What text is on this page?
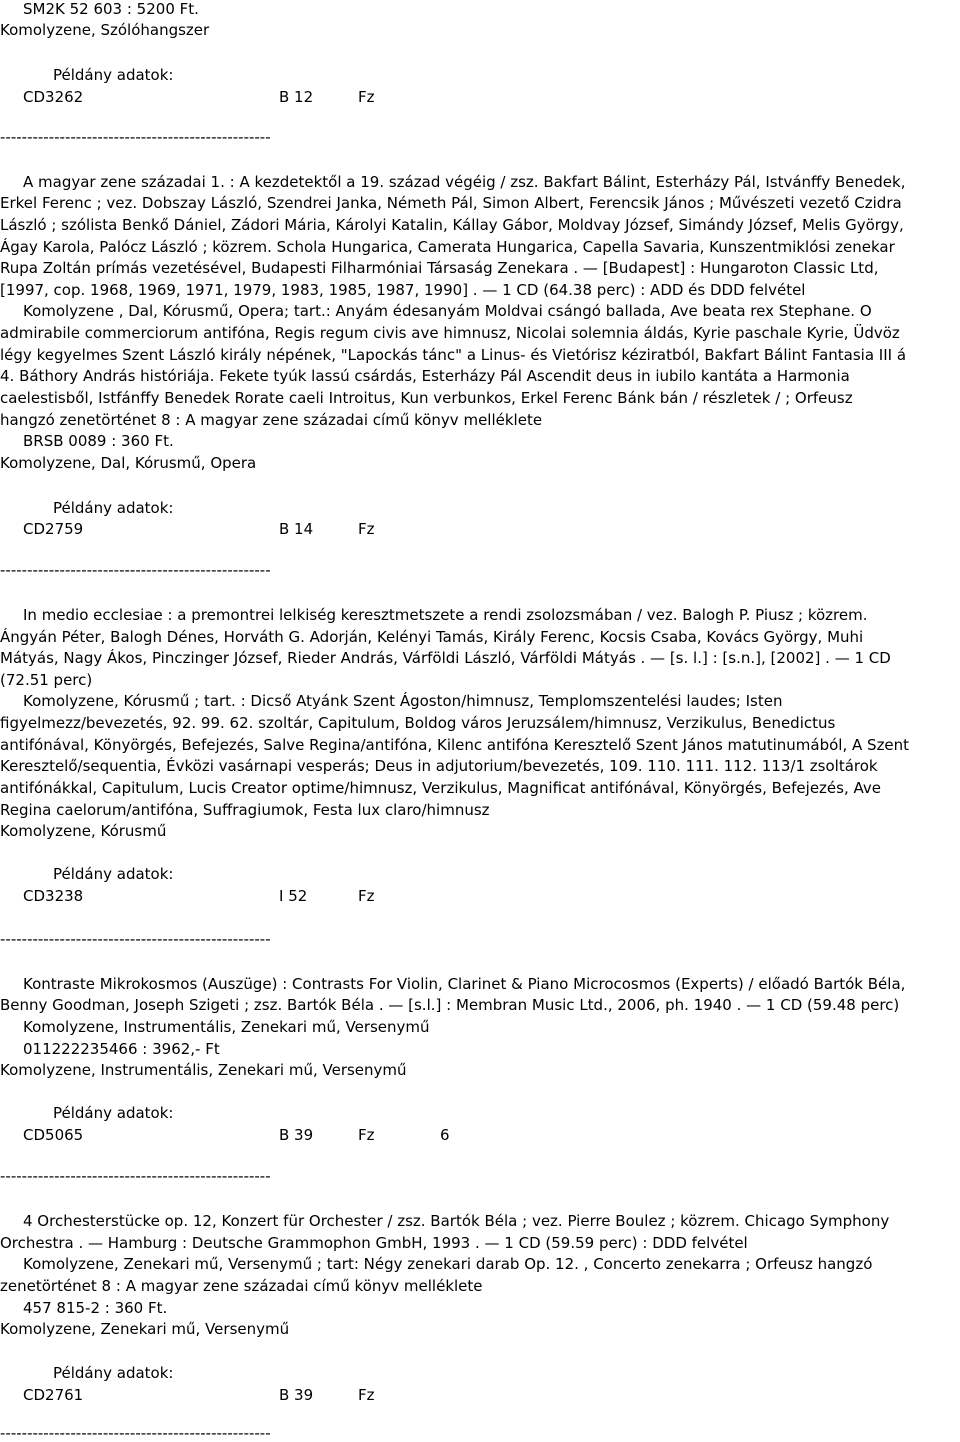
SM2K 52 603 : 5200 Ft.
Komolyzene, Szólóhangszer
Példány adatok:
CD3262	B 12	Fz
--------------------------------------------------
A magyar zene századai 1. : A kezdetektől a 19. század végéig / zsz. Bakfart Bálint, Esterházy Pál, Istvánffy Benedek,
Erkel Ferenc ; vez. Dobszay László, Szendrei Janka, Németh Pál, Simon Albert, Ferencsik János ; Művészeti vezető Czidra
László ; szólista Benkő Dániel, Zádori Mária, Károlyi Katalin, Kállay Gábor, Moldvay József, Simándy József, Melis György,
Ágay Karola, Palócz László ; közrem. Schola Hungarica, Camerata Hungarica, Capella Savaria, Kunszentmiklósi zenekar
Rupa Zoltán prímás vezetésével, Budapesti Filharmóniai Társaság Zenekara . — [Budapest] : Hungaroton Classic Ltd,
[1997, cop. 1968, 1969, 1971, 1979, 1983, 1985, 1987, 1990] . — 1 CD (64.38 perc) : ADD és DDD felvétel
Komolyzene , Dal, Kórusmű, Opera; tart.: Anyám édesanyám Moldvai csángó ballada, Ave beata rex Stephane. O
admirabile commerciorum antifóna, Regis regum civis ave himnusz, Nicolai solemnia áldás, Kyrie paschale Kyrie, Üdvöz
légy kegyelmes Szent László király népének, "Lapockás tánc" a Linus- és Vietórisz kéziratból, Bakfart Bálint Fantasia III á
4. Báthory András históriája. Fekete tyúk lassú csárdás, Esterházy Pál Ascendit deus in iubilo kantáta a Harmonia
caelestisből, Istfánffy Benedek Rorate caeli Introitus, Kun verbunkos, Erkel Ferenc Bánk bán / részletek / ; Orfeusz
hangzó zenetörténet 8 : A magyar zene századai című könyv melléklete
BRSB 0089 : 360 Ft.
Komolyzene, Dal, Kórusmű, Opera
Példány adatok:
CD2759	B 14	Fz
--------------------------------------------------
In medio ecclesiae : a premontrei lelkiség keresztmetszete a rendi zsolozsmában / vez. Balogh P. Piusz ; közrem.
Ángyán Péter, Balogh Dénes, Horváth G. Adorján, Kelényi Tamás, Király Ferenc, Kocsis Csaba, Kovács György, Muhi
Mátyás, Nagy Ákos, Pinczinger József, Rieder András, Várföldi László, Várföldi Mátyás . — [s. l.] : [s.n.], [2002] . — 1 CD
(72.51 perc)
Komolyzene, Kórusmű ; tart. : Dicső Atyánk Szent Ágoston/himnusz, Templomszentelési laudes; Isten
figyelmezz/bevezetés, 92. 99. 62. szoltár, Capitulum, Boldog város Jeruzsálem/himnusz, Verzikulus, Benedictus
antifónával, Könyörgés, Befejezés, Salve Regina/antifóna, Kilenc antifóna Keresztelő Szent János matutinumából, A Szent
Keresztelő/sequentia, Évközi vasárnapi vesperás; Deus in adjutorium/bevezetés, 109. 110. 111. 112. 113/1 zsoltárok
antifónákkal, Capitulum, Lucis Creator optime/himnusz, Verzikulus, Magnificat antifónával, Könyörgés, Befejezés, Ave
Regina caelorum/antifóna, Suffragiumok, Festa lux claro/himnusz
Komolyzene, Kórusmű
Példány adatok:
CD3238	I 52	Fz
--------------------------------------------------
Kontraste Mikrokosmos (Auszüge) : Contrasts For Violin, Clarinet & Piano Microcosmos (Experts) / előadó Bartók Béla,
Benny Goodman, Joseph Szigeti ; zsz. Bartók Béla . — [s.l.] : Membran Music Ltd., 2006, ph. 1940 . — 1 CD (59.48 perc)
Komolyzene, Instrumentális, Zenekari mű, Versenymű
011222235466 : 3962,- Ft
Komolyzene, Instrumentális, Zenekari mű, Versenymű
Példány adatok:
CD5065	B 39	Fz	6
--------------------------------------------------
4 Orchesterstücke op. 12, Konzert für Orchester / zsz. Bartók Béla ; vez. Pierre Boulez ; közrem. Chicago Symphony
Orchestra . — Hamburg : Deutsche Grammophon GmbH, 1993 . — 1 CD (59.59 perc) : DDD felvétel
Komolyzene, Zenekari mű, Versenymű ; tart: Négy zenekari darab Op. 12. , Concerto zenekarra ; Orfeusz hangzó
zenetörténet 8 : A magyar zene századai című könyv melléklete
457 815-2 : 360 Ft.
Komolyzene, Zenekari mű, Versenymű
Példány adatok:
CD2761	B 39	Fz
--------------------------------------------------
